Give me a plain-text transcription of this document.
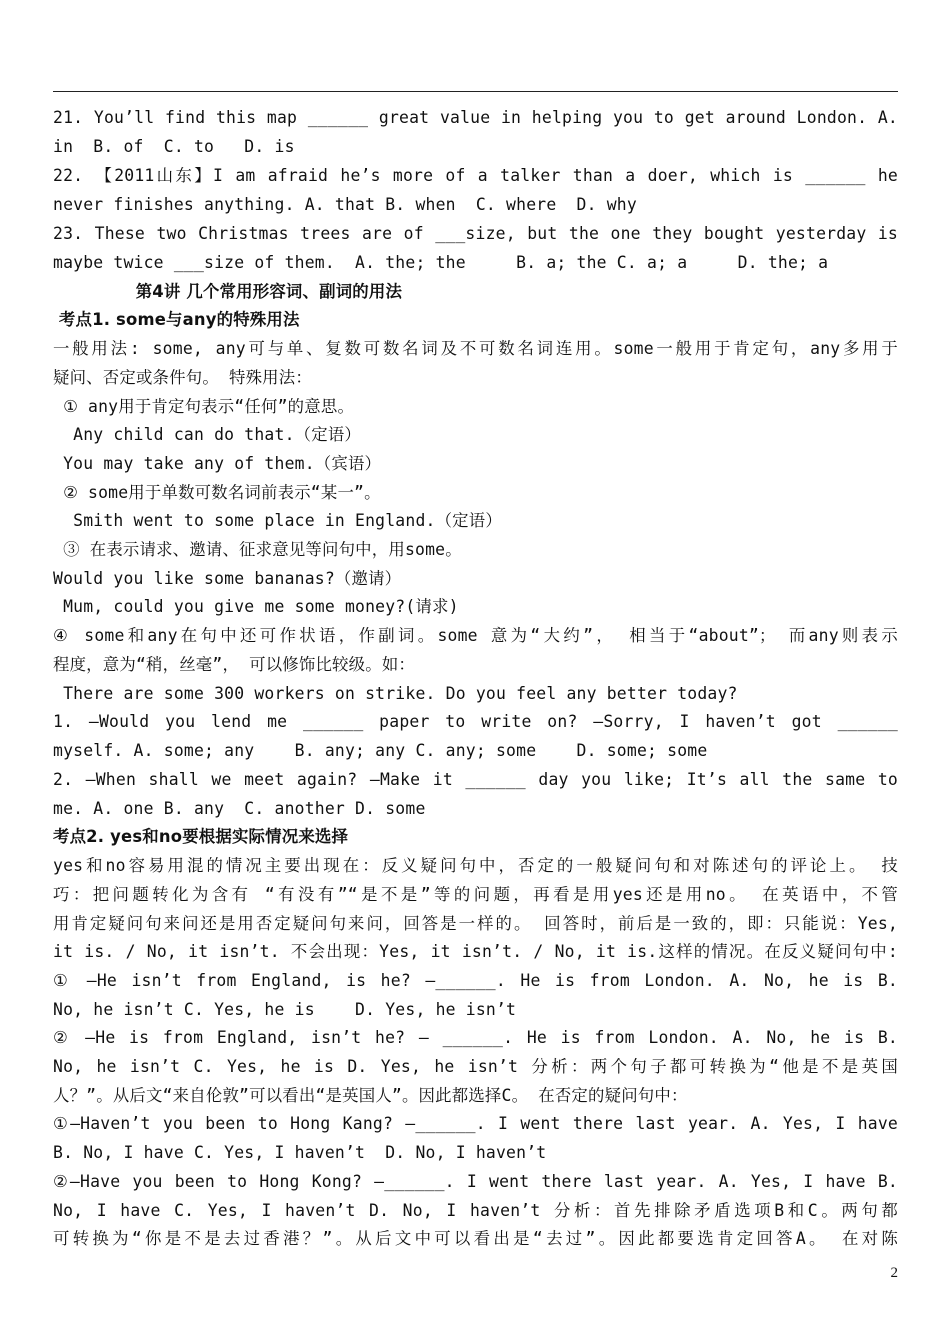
21. You’ll find this map ______ great value in helping you to get around London. A.
in  B. of  C. to   D. is
22. 【2011山东】I am afraid he’s more of a talker than a doer, which is ______ he
never finishes anything. A. that B. when  C. where  D. why
23. These two Christmas trees are of ___size, but the one they bought yesterday is
maybe twice ___size of them.  A. the; the     B. a; the C. a; a     D. the; a
第4讲 几个常用形容词、副词的用法
考点1. some与any的特殊用法
一般用法: some, any可与单、复数可数名词及不可数名词连用。some一般用于肯定句，any多用于
疑问、否定或条件句。 特殊用法：
① any用于肯定句表示“任何”的意思。
Any child can do that.（定语）
You may take any of them.（宾语）
② some用于单数可数名词前表示“某一”。
Smith went to some place in England.（定语）
③ 在表示请求、邀请、征求意见等问句中，用some。
Would you like some bananas?（邀请）
Mum, could you give me some money?(请求)
④ some和any在句中还可作状语，作副词。some 意为“大约”， 相当于“about”； 而any则表示
程度，意为“稍，丝毫”， 可以修饰比较级。如：
There are some 300 workers on strike. Do you feel any better today?
1. —Would you lend me ______ paper to write on? —Sorry, I haven’t got ______
myself. A. some; any    B. any; any C. any; some    D. some; some
2. —When shall we meet again? —Make it ______ day you like; It’s all the same to
me. A. one B. any  C. another D. some
考点2. yes和no要根据实际情况来选择
yes和no容易用混的情况主要出现在：反义疑问句中，否定的一般疑问句和对陈述句的评论上。 技
巧：把问题转化为含有 “有没有”“是不是”等的问题，再看是用yes还是用no。 在英语中，不管
用肯定疑问句来问还是用否定疑问句来问，回答是一样的。 回答时，前后是一致的，即：只能说：Yes,
it is. / No, it isn’t. 不会出现：Yes, it isn’t. / No, it is.这样的情况。在反义疑问句中:
① —He isn’t from England, is he? —______. He is from London. A. No, he is B.
No, he isn’t C. Yes, he is    D. Yes, he isn’t
② —He is from England, isn’t he? — ______. He is from London. A. No, he is B.
No, he isn’t C. Yes, he is D. Yes, he isn’t 分析：两个句子都可转换为“他是不是英国
人？”。从后文“来自伦敦”可以看出“是英国人”。因此都选择C。 在否定的疑问句中：
①—Haven’t you been to Hong Kang? —______. I went there last year. A. Yes, I have
B. No, I have C. Yes, I haven’t  D. No, I haven’t
②—Have you been to Hong Kong? —______. I went there last year. A. Yes, I have B.
No, I have C. Yes, I haven’t D. No, I haven’t 分析：首先排除矛盾选项B和C。两句都
可转换为“你是不是去过香港？”。从后文中可以看出是“去过”。因此都要选肯定回答A。 在对陈
2
